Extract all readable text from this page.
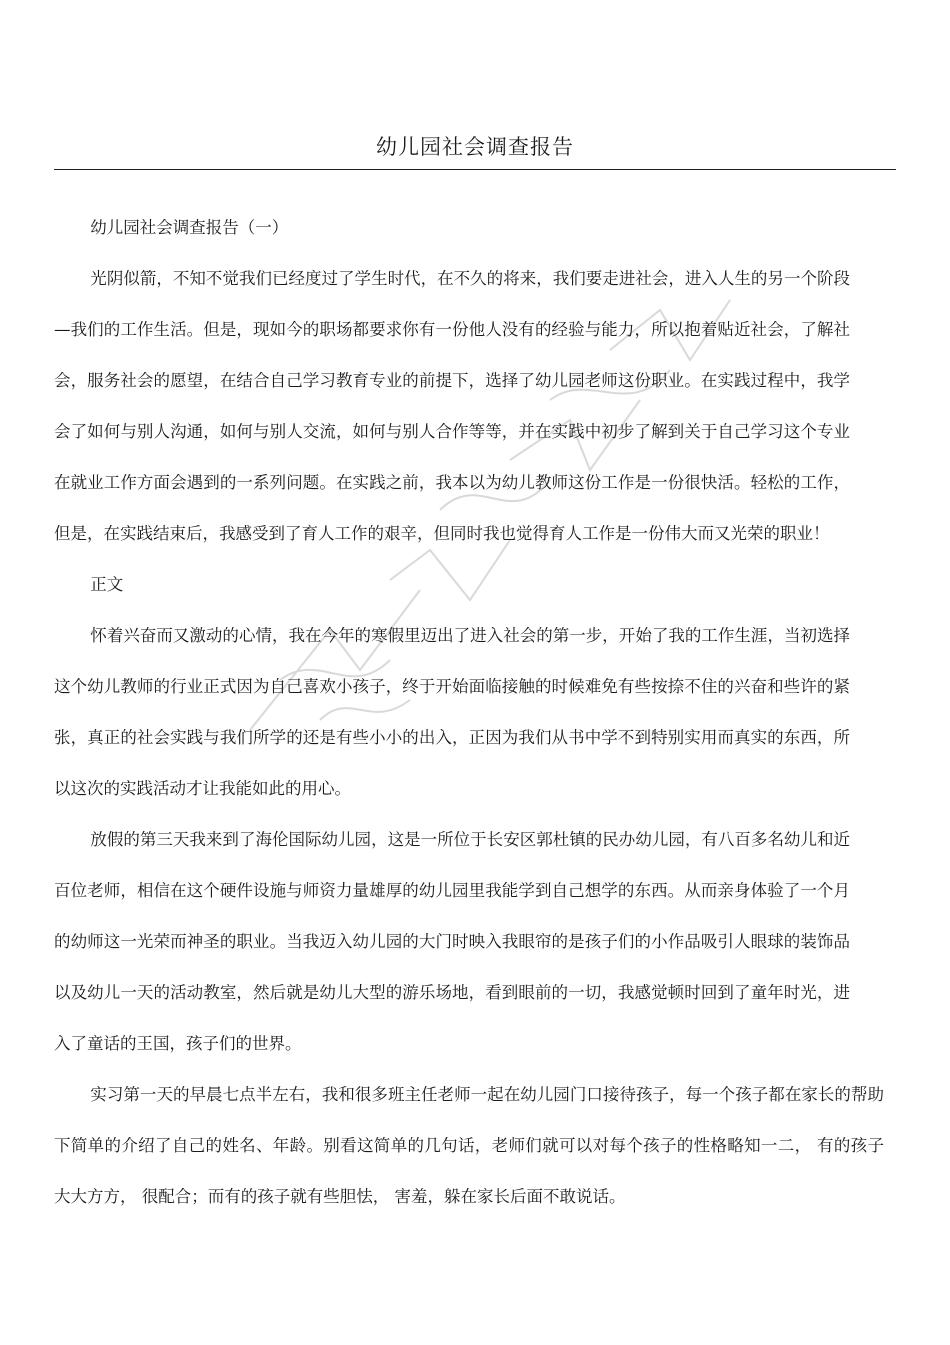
幼儿园社会调查报告

幼儿园社会调查报告（一）

光阴似箭，不知不觉我们已经度过了学生时代，在不久的将来，我们要走进社会，进入人生的另一个阶段—我们的工作生活。但是，现如今的职场都要求你有一份他人没有的经验与能力，所以抱着贴近社会，了解社会，服务社会的愿望，在结合自己学习教育专业的前提下，选择了幼儿园老师这份职业。在实践过程中，我学会了如何与别人沟通，如何与别人交流，如何与别人合作等等，并在实践中初步了解到关于自己学习这个专业在就业工作方面会遇到的一系列问题。在实践之前，我本以为幼儿教师这份工作是一份很快活。轻松的工作，但是，在实践结束后，我感受到了育人工作的艰辛，但同时我也觉得育人工作是一份伟大而又光荣的职业！

正文

怀着兴奋而又激动的心情，我在今年的寒假里迈出了进入社会的第一步，开始了我的工作生涯，当初选择这个幼儿教师的行业正式因为自己喜欢小孩子，终于开始面临接触的时候难免有些按捺不住的兴奋和些许的紧张，真正的社会实践与我们所学的还是有些小小的出入，正因为我们从书中学不到特别实用而真实的东西，所以这次的实践活动才让我能如此的用心。

放假的第三天我来到了海伦国际幼儿园，这是一所位于长安区郭杜镇的民办幼儿园，有八百多名幼儿和近百位老师，相信在这个硬件设施与师资力量雄厚的幼儿园里我能学到自己想学的东西。从而亲身体验了一个月的幼师这一光荣而神圣的职业。当我迈入幼儿园的大门时映入我眼帘的是孩子们的小作品吸引人眼球的装饰品以及幼儿一天的活动教室，然后就是幼儿大型的游乐场地，看到眼前的一切，我感觉顿时回到了童年时光，进入了童话的王国，孩子们的世界。

实习第一天的早晨七点半左右，我和很多班主任老师一起在幼儿园门口接待孩子，每一个孩子都在家长的帮助下简单的介绍了自己的姓名、年龄。别看这简单的几句话，老师们就可以对每个孩子的性格略知一二， 有的孩子大大方方， 很配合；而有的孩子就有些胆怯， 害羞，躲在家长后面不敢说话。
